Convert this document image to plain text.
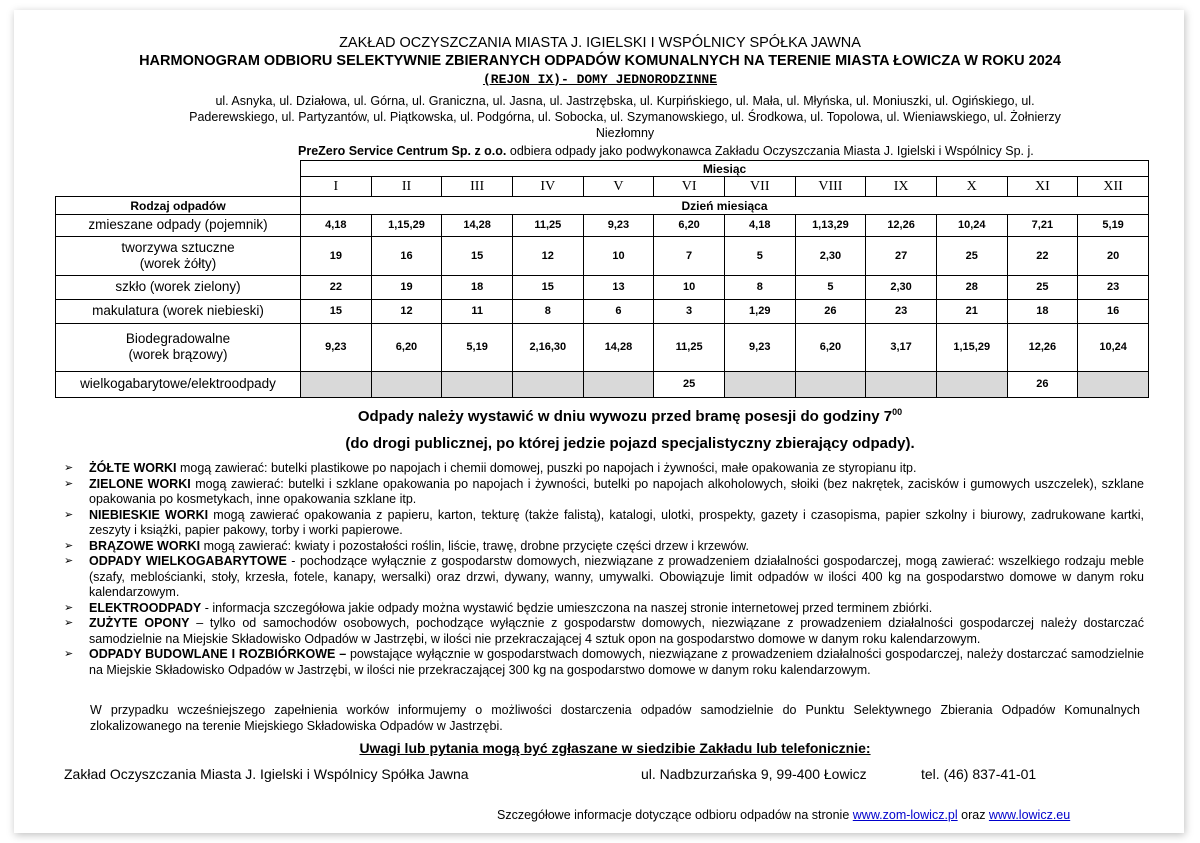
ZAKŁAD OCZYSZCZANIA MIASTA J. IGIELSKI I WSPÓLNICY SPÓŁKA JAWNA
HARMONOGRAM ODBIORU SELEKTYWNIE ZBIERANYCH ODPADÓW KOMUNALNYCH NA TERENIE MIASTA ŁOWICZA W ROKU 2024
(REJON IX)- DOMY JEDNORODZINNE
ul. Asnyka, ul. Działowa, ul. Górna, ul. Graniczna, ul. Jasna, ul. Jastrzębska, ul. Kurpińskiego, ul. Mała, ul. Młyńska, ul. Moniuszki, ul. Ogińskiego, ul. Paderewskiego, ul. Partyzantów, ul. Piątkowska, ul. Podgórna, ul. Sobocka, ul. Szymanowskiego, ul. Środkowa, ul. Topolowa, ul. Wieniawskiego, ul. Żołnierzy Niezłomny
PreZero Service Centrum Sp. z o.o. odbiera odpady jako podwykonawca Zakładu Oczyszczania Miasta J. Igielski i Wspólnicy Sp. j.
	Miesiąc											
	I	II	III	IV	V	VI	VII	VIII	IX	X	XI	XII
Rodzaj odpadów	Dzień miesiąca											
zmieszane odpady (pojemnik)	4,18	1,15,29	14,28	11,25	9,23	6,20	4,18	1,13,29	12,26	10,24	7,21	5,19
tworzywa sztuczne
(worek żółty)	19	16	15	12	10	7	5	2,30	27	25	22	20
szkło (worek zielony)	22	19	18	15	13	10	8	5	2,30	28	25	23
makulatura (worek niebieski)	15	12	11	8	6	3	1,29	26	23	21	18	16
Biodegradowalne
(worek brązowy)	9,23	6,20	5,19	2,16,30	14,28	11,25	9,23	6,20	3,17	1,15,29	12,26	10,24
wielkogabarytowe/elektroodpady						25					26	
Odpady należy wystawić w dniu wywozu przed bramę posesji do godziny $7^{00}$
(do drogi publicznej, po której jedzie pojazd specjalistyczny zbierający odpady).
➢ ŻÓŁTE WORKI mogą zawierać: butelki plastikowe po napojach i chemii domowej, puszki po napojach i żywności, małe opakowania ze styropianu itp.
➢ ZIELONE WORKI mogą zawierać: butelki i szklane opakowania po napojach i żywności, butelki po napojach alkoholowych, słoiki (bez nakrętek, zacisków i gumowych uszczelek), szklane opakowania po kosmetykach, inne opakowania szklane itp.
➢ NIEBIESKIE WORKI mogą zawierać opakowania z papieru, karton, tekturę (także falistą), katalogi, ulotki, prospekty, gazety i czasopisma, papier szkolny i biurowy, zadrukowane kartki, zeszyty i książki, papier pakowy, torby i worki papierowe.
➢ BRĄZOWE WORKI mogą zawierać: kwiaty i pozostałości roślin, liście, trawę, drobne przycięte części drzew i krzewów.
➢ ODPADY WIELKOGABARYTOWE - pochodzące wyłącznie z gospodarstw domowych, niezwiązane z prowadzeniem działalności gospodarczej, mogą zawierać: wszelkiego rodzaju meble (szafy, meblościanki, stoły, krzesła, fotele, kanapy, wersalki) oraz drzwi, dywany, wanny, umywalki. Obowiązuje limit odpadów w ilości 400 kg na gospodarstwo domowe w danym roku kalendarzowym.
➢ ELEKTROODPADY - informacja szczegółowa jakie odpady można wystawić będzie umieszczona na naszej stronie internetowej przed terminem zbiórki.
➢ ZUŻYTE OPONY – tylko od samochodów osobowych, pochodzące wyłącznie z gospodarstw domowych, niezwiązane z prowadzeniem działalności gospodarczej należy dostarczać samodzielnie na Miejskie Składowisko Odpadów w Jastrzębi, w ilości nie przekraczającej 4 sztuk opon na gospodarstwo domowe w danym roku kalendarzowym.
➢ ODPADY BUDOWLANE I ROZBIÓRKOWE – powstające wyłącznie w gospodarstwach domowych, niezwiązane z prowadzeniem działalności gospodarczej, należy dostarczać samodzielnie na Miejskie Składowisko Odpadów w Jastrzębi, w ilości nie przekraczającej 300 kg na gospodarstwo domowe w danym roku kalendarzowym.
W przypadku wcześniejszego zapełnienia worków informujemy o możliwości dostarczenia odpadów samodzielnie do Punktu Selektywnego Zbierania Odpadów Komunalnych zlokalizowanego na terenie Miejskiego Składowiska Odpadów w Jastrzębi.
Uwagi lub pytania mogą być zgłaszane w siedzibie Zakładu lub telefonicznie:
Zakład Oczyszczania Miasta J. Igielski i Wspólnicy Spółka Jawna	ul. Nadbzurzańska 9, 99-400 Łowicz	tel. (46) 837-41-01
Szczegółowe informacje dotyczące odbioru odpadów na stronie www.zom-lowicz.pl oraz www.lowicz.eu
